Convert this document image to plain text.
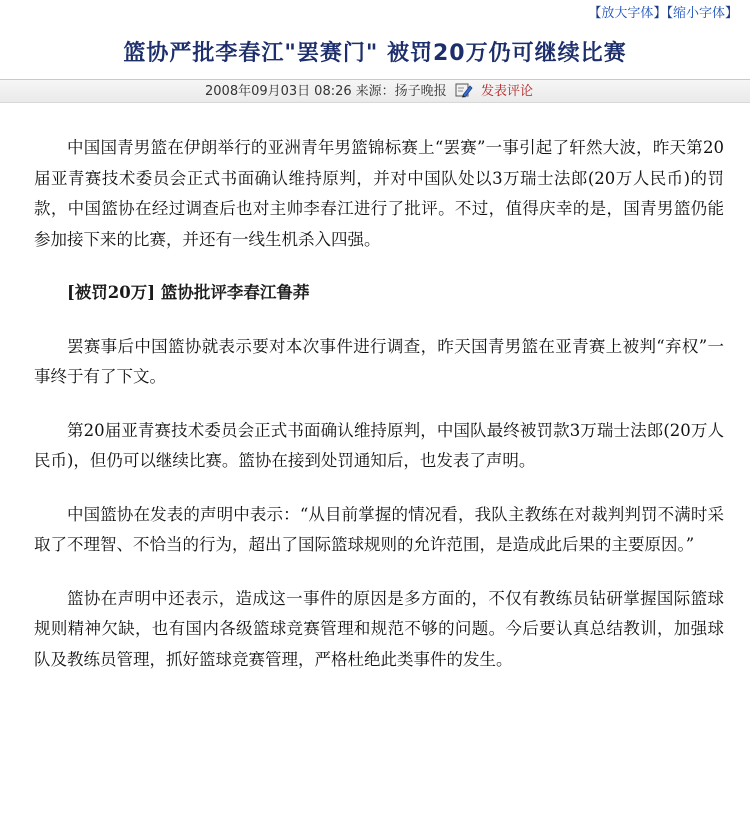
【放大字体】【缩小字体】
篮协严批李春江"罢赛门" 被罚20万仍可继续比赛
2008年09月03日 08:26 来源：扬子晚报	发表评论

中国国青男篮在伊朗举行的亚洲青年男篮锦标赛上“罢赛”一事引起了轩然大波，昨天第20届亚青赛技术委员会正式书面确认维持原判，并对中国队处以3万瑞士法郎(20万人民币)的罚款，中国篮协在经过调查后也对主帅李春江进行了批评。不过，值得庆幸的是，国青男篮仍能参加接下来的比赛，并还有一线生机杀入四强。

[被罚20万] 篮协批评李春江鲁莽

罢赛事后中国篮协就表示要对本次事件进行调查，昨天国青男篮在亚青赛上被判“弃权”一事终于有了下文。

第20届亚青赛技术委员会正式书面确认维持原判，中国队最终被罚款3万瑞士法郎(20万人民币)，但仍可以继续比赛。篮协在接到处罚通知后，也发表了声明。

中国篮协在发表的声明中表示：“从目前掌握的情况看，我队主教练在对裁判判罚不满时采取了不理智、不恰当的行为，超出了国际篮球规则的允许范围，是造成此后果的主要原因。”

篮协在声明中还表示，造成这一事件的原因是多方面的，不仅有教练员钻研掌握国际篮球规则精神欠缺，也有国内各级篮球竞赛管理和规范不够的问题。今后要认真总结教训，加强球队及教练员管理，抓好篮球竞赛管理，严格杜绝此类事件的发生。
